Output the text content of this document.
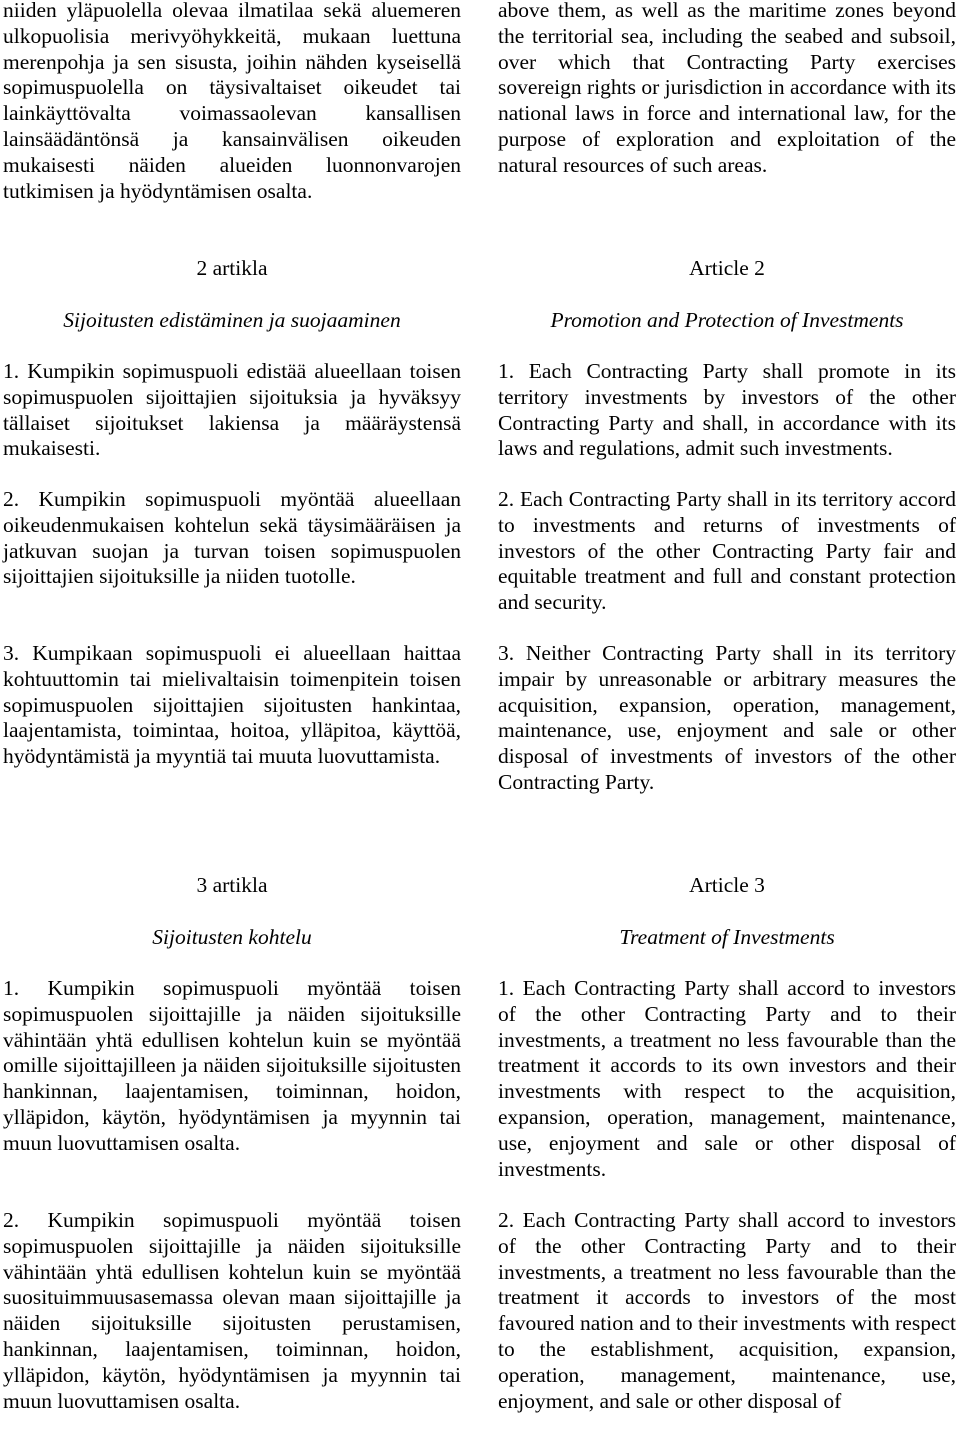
niiden yläpuolella olevaa ilmatilaa sekä aluemeren ulkopuolisia merivyöhykkeitä, mukaan luettuna merenpohja ja sen sisusta, joihin nähden kyseisellä sopimuspuolella on täysivaltaiset oikeudet tai lainkäyttövalta voimassaolevan kansallisen lainsäädäntönsä ja kansainvälisen oikeuden mukaisesti näiden alueiden luonnonvarojen tutkimisen ja hyödyntämisen osalta.

2 artikla

Sijoitusten edistäminen ja suojaaminen

1. Kumpikin sopimuspuoli edistää alueellaan toisen sopimuspuolen sijoittajien sijoituksia ja hyväksyy tällaiset sijoitukset lakiensa ja määräystensä mukaisesti.

2. Kumpikin sopimuspuoli myöntää alueellaan oikeudenmukaisen kohtelun sekä täysimääräisen ja jatkuvan suojan ja turvan toisen sopimuspuolen sijoittajien sijoituksille ja niiden tuotolle.

3. Kumpikaan sopimuspuoli ei alueellaan haittaa kohtuuttomin tai mielivaltaisin toimenpitein toisen sopimuspuolen sijoittajien sijoitusten hankintaa, laajentamista, toimintaa, hoitoa, ylläpitoa, käyttöä, hyödyntämistä ja myyntiä tai muuta luovuttamista.

3 artikla

Sijoitusten kohtelu

1. Kumpikin sopimuspuoli myöntää toisen sopimuspuolen sijoittajille ja näiden sijoituksille vähintään yhtä edullisen kohtelun kuin se myöntää omille sijoittajilleen ja näiden sijoituksille sijoitusten hankinnan, laajentamisen, toiminnan, hoidon, ylläpidon, käytön, hyödyntämisen ja myynnin tai muun luovuttamisen osalta.

2. Kumpikin sopimuspuoli myöntää toisen sopimuspuolen sijoittajille ja näiden sijoituksille vähintään yhtä edullisen kohtelun kuin se myöntää suosituimmuusasemassa olevan maan sijoittajille ja näiden sijoituksille sijoitusten perustamisen, hankinnan, laajentamisen, toiminnan, hoidon, ylläpidon, käytön, hyödyntämisen ja myynnin tai muun luovuttamisen osalta.

above them, as well as the maritime zones beyond the territorial sea, including the seabed and subsoil, over which that Contracting Party exercises sovereign rights or jurisdiction in accordance with its national laws in force and international law, for the purpose of exploration and exploitation of the natural resources of such areas.

Article 2

Promotion and Protection of Investments

1. Each Contracting Party shall promote in its territory investments by investors of the other Contracting Party and shall, in accordance with its laws and regulations, admit such investments.

2. Each Contracting Party shall in its territory accord to investments and returns of investments of investors of the other Contracting Party fair and equitable treatment and full and constant protection and security.

3. Neither Contracting Party shall in its territory impair by unreasonable or arbitrary measures the acquisition, expansion, operation, management, maintenance, use, enjoyment and sale or other disposal of investments of investors of the other Contracting Party.

Article 3

Treatment of Investments

1. Each Contracting Party shall accord to investors of the other Contracting Party and to their investments, a treatment no less favourable than the treatment it accords to its own investors and their investments with respect to the acquisition, expansion, operation, management, maintenance, use, enjoyment and sale or other disposal of investments.

2. Each Contracting Party shall accord to investors of the other Contracting Party and to their investments, a treatment no less favourable than the treatment it accords to investors of the most favoured nation and to their investments with respect to the establishment, acquisition, expansion, operation, management, maintenance, use, enjoyment, and sale or other disposal of
